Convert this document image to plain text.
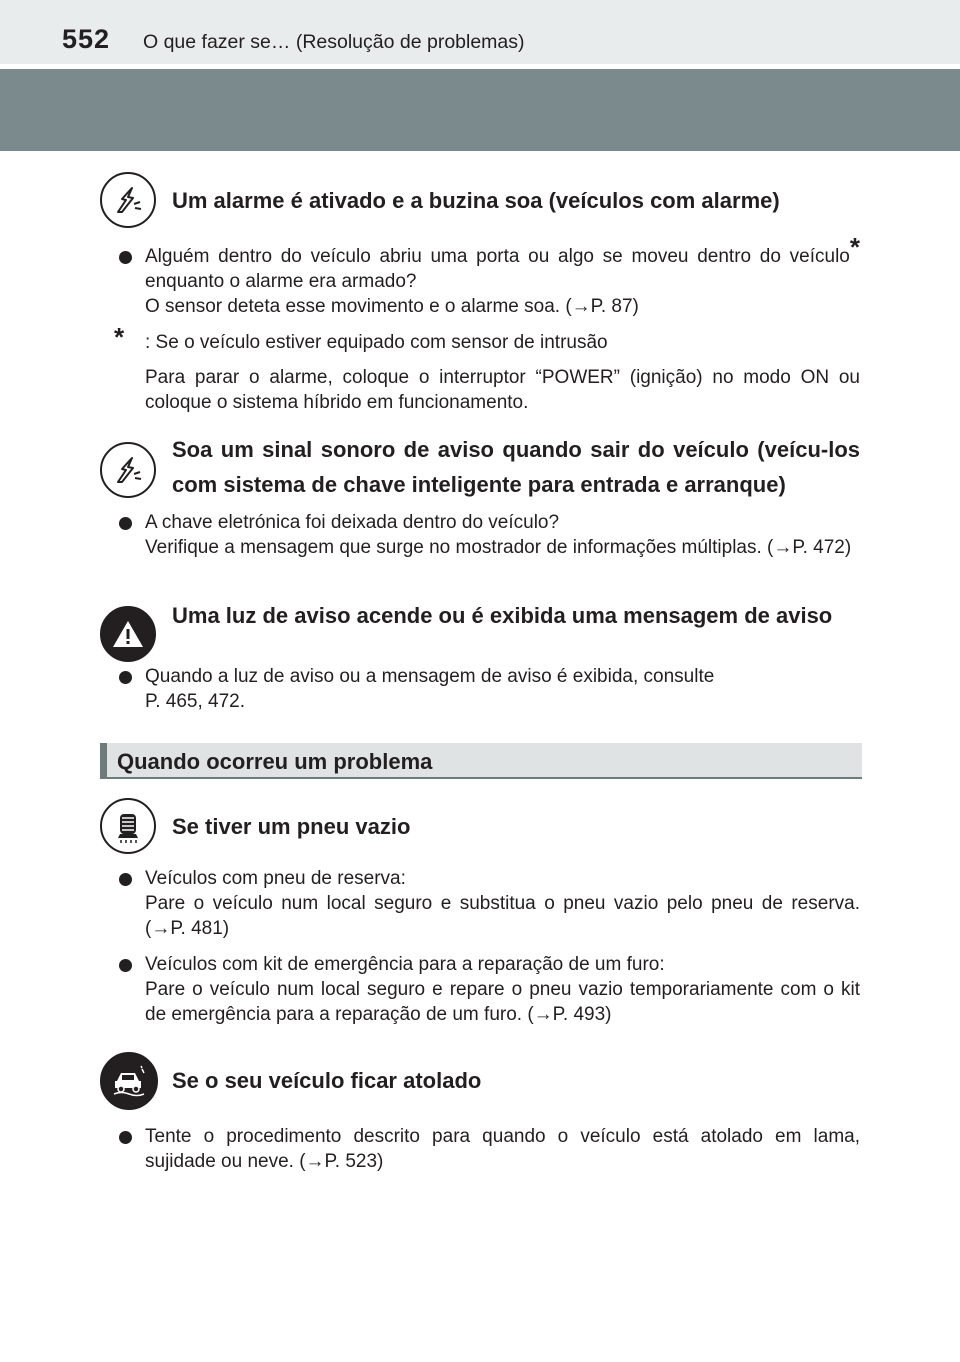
552 O que fazer se… (Resolução de problemas)
Um alarme é ativado e a buzina soa (veículos com alarme)
Alguém dentro do veículo abriu uma porta ou algo se moveu dentro do veículo* enquanto o alarme era armado?
O sensor deteta esse movimento e o alarme soa. (→P. 87)
* : Se o veículo estiver equipado com sensor de intrusão
Para parar o alarme, coloque o interruptor “POWER” (ignição) no modo ON ou coloque o sistema híbrido em funcionamento.
Soa um sinal sonoro de aviso quando sair do veículo (veícu-los com sistema de chave inteligente para entrada e arranque)
A chave eletrónica foi deixada dentro do veículo?
Verifique a mensagem que surge no mostrador de informações múltiplas. (→P. 472)
Uma luz de aviso acende ou é exibida uma mensagem de aviso
Quando a luz de aviso ou a mensagem de aviso é exibida, consulte
P. 465, 472.
Quando ocorreu um problema
Se tiver um pneu vazio
Veículos com pneu de reserva:
Pare o veículo num local seguro e substitua o pneu vazio pelo pneu de reserva. (→P. 481)
Veículos com kit de emergência para a reparação de um furo:
Pare o veículo num local seguro e repare o pneu vazio temporariamente com o kit de emergência para a reparação de um furo. (→P. 493)
Se o seu veículo ficar atolado
Tente o procedimento descrito para quando o veículo está atolado em lama, sujidade ou neve. (→P. 523)
